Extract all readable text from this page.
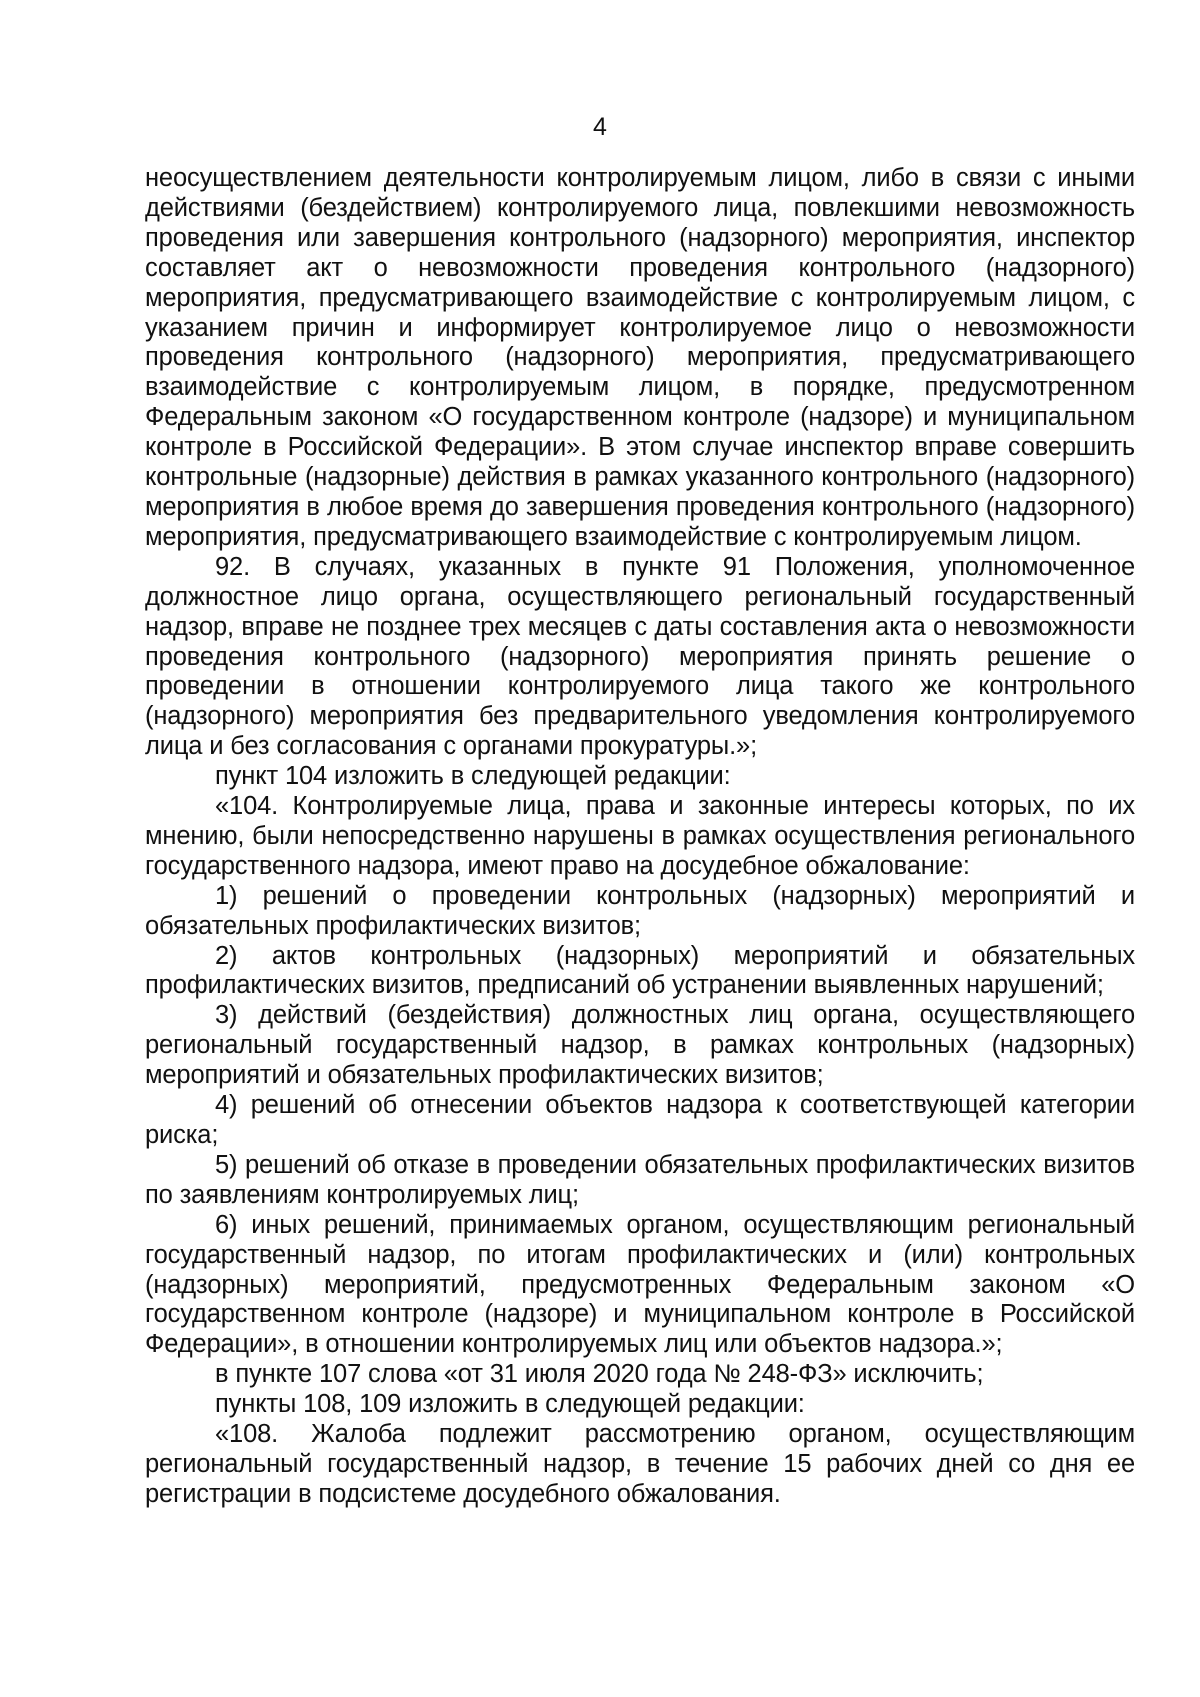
4

неосуществлением деятельности контролируемым лицом, либо в связи с иными действиями (бездействием) контролируемого лица, повлекшими невозможность проведения или завершения контрольного (надзорного) мероприятия, инспектор составляет акт о невозможности проведения контрольного (надзорного) мероприятия, предусматривающего взаимодействие с контролируемым лицом, с указанием причин и информирует контролируемое лицо о невозможности проведения контрольного (надзорного) мероприятия, предусматривающего взаимодействие с контролируемым лицом, в порядке, предусмотренном Федеральным законом «О государственном контроле (надзоре) и муниципальном контроле в Российской Федерации». В этом случае инспектор вправе совершить контрольные (надзорные) действия в рамках указанного контрольного (надзорного) мероприятия в любое время до завершения проведения контрольного (надзорного) мероприятия, предусматривающего взаимодействие с контролируемым лицом.

92. В случаях, указанных в пункте 91 Положения, уполномоченное должностное лицо органа, осуществляющего региональный государственный надзор, вправе не позднее трех месяцев с даты составления акта о невозможности проведения контрольного (надзорного) мероприятия принять решение о проведении в отношении контролируемого лица такого же контрольного (надзорного) мероприятия без предварительного уведомления контролируемого лица и без согласования с органами прокуратуры.»;

пункт 104 изложить в следующей редакции:

«104. Контролируемые лица, права и законные интересы которых, по их мнению, были непосредственно нарушены в рамках осуществления регионального государственного надзора, имеют право на досудебное обжалование:

1) решений о проведении контрольных (надзорных) мероприятий и обязательных профилактических визитов;

2) актов контрольных (надзорных) мероприятий и обязательных профилактических визитов, предписаний об устранении выявленных нарушений;

3) действий (бездействия) должностных лиц органа, осуществляющего региональный государственный надзор, в рамках контрольных (надзорных) мероприятий и обязательных профилактических визитов;

4) решений об отнесении объектов надзора к соответствующей категории риска;

5) решений об отказе в проведении обязательных профилактических визитов по заявлениям контролируемых лиц;

6) иных решений, принимаемых органом, осуществляющим региональный государственный надзор, по итогам профилактических и (или) контрольных (надзорных) мероприятий, предусмотренных Федеральным законом «О государственном контроле (надзоре) и муниципальном контроле в Российской Федерации», в отношении контролируемых лиц или объектов надзора.»;

в пункте 107 слова «от 31 июля 2020 года № 248-ФЗ» исключить;

пункты 108, 109 изложить в следующей редакции:

«108. Жалоба подлежит рассмотрению органом, осуществляющим региональный государственный надзор, в течение 15 рабочих дней со дня ее регистрации в подсистеме досудебного обжалования.
